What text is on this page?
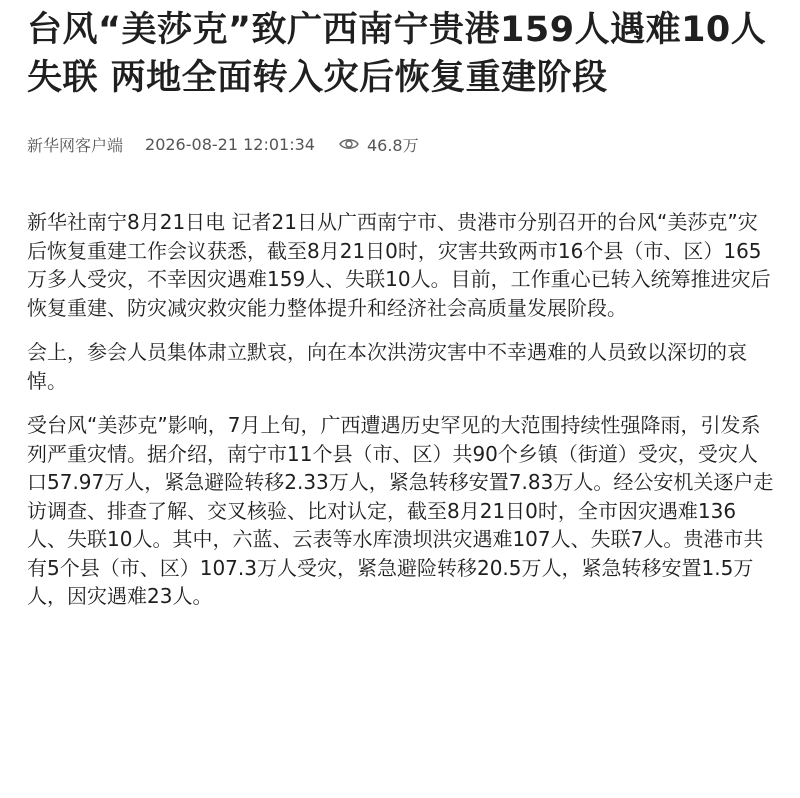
台风“美莎克”致广西南宁贵港159人遇难10人失联 两地全面转入灾后恢复重建阶段
新华网客户端 2026-08-21 12:01:34	46.8万

新华社南宁8月21日电 记者21日从广西南宁市、贵港市分别召开的台风“美莎克”灾后恢复重建工作会议获悉，截至8月21日0时，灾害共致两市16个县（市、区）165万多人受灾，不幸因灾遇难159人、失联10人。目前，工作重心已转入统筹推进灾后恢复重建、防灾减灾救灾能力整体提升和经济社会高质量发展阶段。

会上，参会人员集体肃立默哀，向在本次洪涝灾害中不幸遇难的人员致以深切的哀悼。

受台风“美莎克”影响，7月上旬，广西遭遇历史罕见的大范围持续性强降雨，引发系列严重灾情。据介绍，南宁市11个县（市、区）共90个乡镇（街道）受灾，受灾人口57.97万人，紧急避险转移2.33万人，紧急转移安置7.83万人。经公安机关逐户走访调查、排查了解、交叉核验、比对认定，截至8月21日0时，全市因灾遇难136人、失联10人。其中，六蓝、云表等水库溃坝洪灾遇难107人、失联7人。贵港市共有5个县（市、区）107.3万人受灾，紧急避险转移20.5万人，紧急转移安置1.5万人，因灾遇难23人。
